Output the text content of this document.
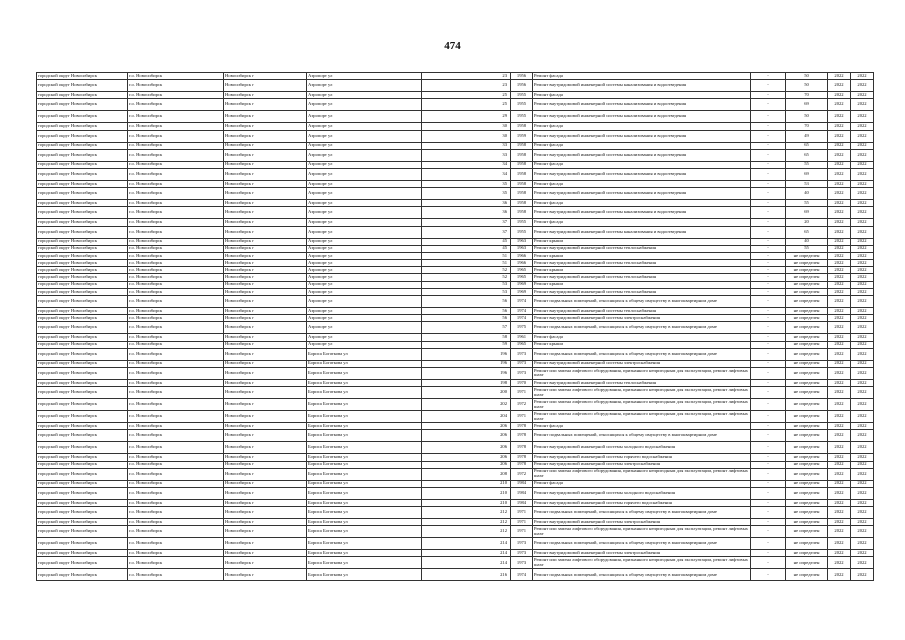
474
городской округ Новосибирск	г.о. Новосибирск	Новосибирск г	Аэропорт ул	23	1956	Ремонт фасада	-	50	2022	2022
городской округ Новосибирск	г.о. Новосибирск	Новосибирск г	Аэропорт ул	23	1956	Ремонт внутридомовой инженерной системы канализования и водоотведения	-	50	2022	2022
городской округ Новосибирск	г.о. Новосибирск	Новосибирск г	Аэропорт ул	25	1955	Ремонт фасада	-	70	2022	2022
городской округ Новосибирск	г.о. Новосибирск	Новосибирск г	Аэропорт ул	25	1955	Ремонт внутридомовой инженерной системы канализования и водоотведения	-	69	2022	2022
городской округ Новосибирск	г.о. Новосибирск	Новосибирск г	Аэропорт ул	29	1955	Ремонт внутридомовой инженерной системы канализования и водоотведения	-	50	2022	2022
городской округ Новосибирск	г.о. Новосибирск	Новосибирск г	Аэропорт ул	30	1958	Ремонт фасада	-	70	2022	2022
городской округ Новосибирск	г.о. Новосибирск	Новосибирск г	Аэропорт ул	30	1959	Ремонт внутридомовой инженерной системы канализования и водоотведения	-	49	2022	2022
городской округ Новосибирск	г.о. Новосибирск	Новосибирск г	Аэропорт ул	33	1958	Ремонт фасада	-	65	2022	2022
городской округ Новосибирск	г.о. Новосибирск	Новосибирск г	Аэропорт ул	33	1958	Ремонт внутридомовой инженерной системы канализования и водоотведения	-	65	2022	2022
городской округ Новосибирск	г.о. Новосибирск	Новосибирск г	Аэропорт ул	34	1958	Ремонт фасада	-	55	2022	2022
городской округ Новосибирск	г.о. Новосибирск	Новосибирск г	Аэропорт ул	34	1958	Ремонт внутридомовой инженерной системы канализования и водоотведения	-	69	2022	2022
городской округ Новосибирск	г.о. Новосибирск	Новосибирск г	Аэропорт ул	35	1958	Ремонт фасада	-	53	2022	2022
городской округ Новосибирск	г.о. Новосибирск	Новосибирск г	Аэропорт ул	35	1958	Ремонт внутридомовой инженерной системы канализования и водоотведения	-	40	2022	2022
городской округ Новосибирск	г.о. Новосибирск	Новосибирск г	Аэропорт ул	36	1958	Ремонт фасада	-	55	2022	2022
городской округ Новосибирск	г.о. Новосибирск	Новосибирск г	Аэропорт ул	36	1958	Ремонт внутридомовой инженерной системы канализования и водоотведения	-	69	2022	2022
городской округ Новосибирск	г.о. Новосибирск	Новосибирск г	Аэропорт ул	37	1955	Ремонт фасада	-	20	2022	2022
городской округ Новосибирск	г.о. Новосибирск	Новосибирск г	Аэропорт ул	37	1955	Ремонт внутридомовой инженерной системы канализования и водоотведения	-	65	2022	2022
городской округ Новосибирск	г.о. Новосибирск	Новосибирск г	Аэропорт ул	45	1963	Ремонт крыши	-	40	2022	2022
городской округ Новосибирск	г.о. Новосибирск	Новосибирск г	Аэропорт ул	45	1963	Ремонт внутридомовой инженерной системы теплоснабжения	-	55	2022	2022
городской округ Новосибирск	г.о. Новосибирск	Новосибирск г	Аэропорт ул	51	1966	Ремонт крыши	-	не определен	2022	2022
городской округ Новосибирск	г.о. Новосибирск	Новосибирск г	Аэропорт ул	51	1966	Ремонт внутридомовой инженерной системы теплоснабжения	-	не определен	2022	2022
городской округ Новосибирск	г.о. Новосибирск	Новосибирск г	Аэропорт ул	52	1965	Ремонт крыши	-	не определен	2022	2022
городской округ Новосибирск	г.о. Новосибирск	Новосибирск г	Аэропорт ул	52	1965	Ремонт внутридомовой инженерной системы теплоснабжения	-	не определен	2022	2022
городской округ Новосибирск	г.о. Новосибирск	Новосибирск г	Аэропорт ул	53	1969	Ремонт крыши	-	не определен	2022	2022
городской округ Новосибирск	г.о. Новосибирск	Новосибирск г	Аэропорт ул	53	1969	Ремонт внутридомовой инженерной системы теплоснабжения	-	не определен	2022	2022
городской округ Новосибирск	г.о. Новосибирск	Новосибирск г	Аэропорт ул	56	1974	Ремонт подвальных помещений, относящихся к общему имуществу в многоквартирном доме	-	не определен	2022	2022
городской округ Новосибирск	г.о. Новосибирск	Новосибирск г	Аэропорт ул	56	1974	Ремонт внутридомовой инженерной системы теплоснабжения	-	не определен	2022	2022
городской округ Новосибирск	г.о. Новосибирск	Новосибирск г	Аэропорт ул	56	1974	Ремонт внутридомовой инженерной системы электроснабжения	-	не определен	2022	2022
городской округ Новосибирск	г.о. Новосибирск	Новосибирск г	Аэропорт ул	57	1975	Ремонт подвальных помещений, относящихся к общему имуществу в многоквартирном доме	-	не определен	2022	2022
городской округ Новосибирск	г.о. Новосибирск	Новосибирск г	Аэропорт ул	58	1961	Ремонт фасада	-	не определен	2022	2022
городской округ Новосибирск	г.о. Новосибирск	Новосибирск г	Аэропорт ул	59	1965	Ремонт крыши	-	не определен	2022	2022
городской округ Новосибирск	г.о. Новосибирск	Новосибирск г	Бориса Богаткова ул	196	1973	Ремонт подвальных помещений, относящихся к общему имуществу в многоквартирном доме	-	не определен	2022	2022
городской округ Новосибирск	г.о. Новосибирск	Новосибирск г	Бориса Богаткова ул	196	1973	Ремонт внутридомовой инженерной системы электроснабжения	-	не определен	2022	2022
городской округ Новосибирск	г.о. Новосибирск	Новосибирск г	Бориса Богаткова ул	196	1973	Ремонт или замена лифтового оборудования, признанного непригодным для эксплуатации, ремонт лифтовых шахт	-	не определен	2022	2022
городской округ Новосибирск	г.о. Новосибирск	Новосибирск г	Бориса Богаткова ул	198	1970	Ремонт внутридомовой инженерной системы теплоснабжения	-	не определен	2022	2022
городской округ Новосибирск	г.о. Новосибирск	Новосибирск г	Бориса Богаткова ул	200	1971	Ремонт или замена лифтового оборудования, признанного непригодным для эксплуатации, ремонт лифтовых шахт	-	не определен	2022	2022
городской округ Новосибирск	г.о. Новосибирск	Новосибирск г	Бориса Богаткова ул	202	1972	Ремонт или замена лифтового оборудования, признанного непригодным для эксплуатации, ремонт лифтовых шахт	-	не определен	2022	2022
городской округ Новосибирск	г.о. Новосибирск	Новосибирск г	Бориса Богаткова ул	204	1971	Ремонт или замена лифтового оборудования, признанного непригодным для эксплуатации, ремонт лифтовых шахт	-	не определен	2022	2022
городской округ Новосибирск	г.о. Новосибирск	Новосибирск г	Бориса Богаткова ул	206	1978	Ремонт фасада	-	не определен	2022	2022
городской округ Новосибирск	г.о. Новосибирск	Новосибирск г	Бориса Богаткова ул	206	1978	Ремонт подвальных помещений, относящихся к общему имуществу в многоквартирном доме	-	не определен	2022	2022
городской округ Новосибирск	г.о. Новосибирск	Новосибирск г	Бориса Богаткова ул	206	1978	Ремонт внутридомовой инженерной системы холодного водоснабжения	-	не определен	2022	2022
городской округ Новосибирск	г.о. Новосибирск	Новосибирск г	Бориса Богаткова ул	206	1978	Ремонт внутридомовой инженерной системы горячего водоснабжения	-	не определен	2022	2022
городской округ Новосибирск	г.о. Новосибирск	Новосибирск г	Бориса Богаткова ул	206	1978	Ремонт внутридомовой инженерной системы электроснабжения	-	не определен	2022	2022
городской округ Новосибирск	г.о. Новосибирск	Новосибирск г	Бориса Богаткова ул	208	1972	Ремонт или замена лифтового оборудования, признанного непригодным для эксплуатации, ремонт лифтовых шахт	-	не определен	2022	2022
городской округ Новосибирск	г.о. Новосибирск	Новосибирск г	Бориса Богаткова ул	210	1984	Ремонт фасада	-	не определен	2022	2022
городской округ Новосибирск	г.о. Новосибирск	Новосибирск г	Бориса Богаткова ул	210	1984	Ремонт внутридомовой инженерной системы холодного водоснабжения	-	не определен	2022	2022
городской округ Новосибирск	г.о. Новосибирск	Новосибирск г	Бориса Богаткова ул	210	1984	Ремонт внутридомовой инженерной системы горячего водоснабжения	-	не определен	2022	2022
городской округ Новосибирск	г.о. Новосибирск	Новосибирск г	Бориса Богаткова ул	212	1971	Ремонт подвальных помещений, относящихся к общему имуществу в многоквартирном доме	-	не определен	2022	2022
городской округ Новосибирск	г.о. Новосибирск	Новосибирск г	Бориса Богаткова ул	212	1971	Ремонт внутридомовой инженерной системы электроснабжения	-	не определен	2022	2022
городской округ Новосибирск	г.о. Новосибирск	Новосибирск г	Бориса Богаткова ул	212	1971	Ремонт или замена лифтового оборудования, признанного непригодным для эксплуатации, ремонт лифтовых шахт	-	не определен	2022	2022
городской округ Новосибирск	г.о. Новосибирск	Новосибирск г	Бориса Богаткова ул	214	1973	Ремонт подвальных помещений, относящихся к общему имуществу в многоквартирном доме	-	не определен	2022	2022
городской округ Новосибирск	г.о. Новосибирск	Новосибирск г	Бориса Богаткова ул	214	1973	Ремонт внутридомовой инженерной системы электроснабжения	-	не определен	2022	2022
городской округ Новосибирск	г.о. Новосибирск	Новосибирск г	Бориса Богаткова ул	214	1973	Ремонт или замена лифтового оборудования, признанного непригодным для эксплуатации, ремонт лифтовых шахт	-	не определен	2022	2022
городской округ Новосибирск	г.о. Новосибирск	Новосибирск г	Бориса Богаткова ул	216	1974	Ремонт подвальных помещений, относящихся к общему имуществу в многоквартирном доме	-	не определен	2022	2022
